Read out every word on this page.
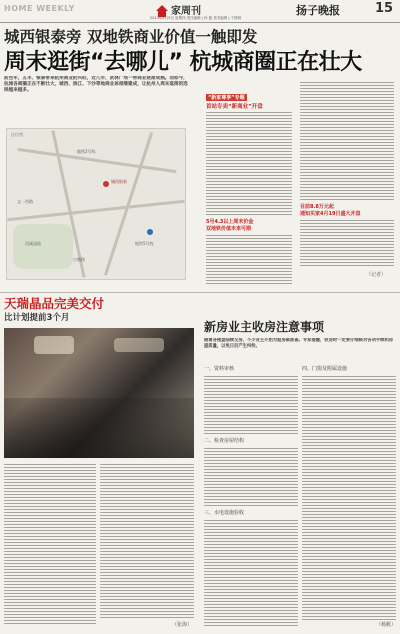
HOME WEEKLY	家周刊	扬子晚报	15
2014年4月3日 星期四 责任编辑 | 孙 磊 美术编辑 | 于德林
城西银泰旁 双地铁商业价值一触即发
周末逛街“去哪儿” 杭城商圈正在壮大
前些年，五羊、银泰带来杭州商业的兴旺，近几年，武林广场一带商业逐渐成熟。而如今，杭城各商圈正在不断壮大，城西、滨江、下沙等地商业体相继建成，让杭州人周末逛街的选择越来越多。
区位图
城西银泰
西溪湿地
地铁2号线
地铁5号线
文一西路
古墩路
“新家尊享”专题
首站专卖“新商业”开盘
5号4.3以上周末价金
双地铁价值未来可期
目前8.8万元起
通知买家4月19日盛大开盘
（记者）
天瑞晶品完美交付
比计划提前3个月
（张海）
新房业主收房注意事项
随着各楼盘陆续交房，不少业主开始为验房做准备。专家提醒，收房时一定要仔细核对各项手续和房屋质量，以免日后产生纠纷。
一、资料审核
二、检查房屋结构
三、水电设施验收
四、门窗及附属设施
（杨帆）
